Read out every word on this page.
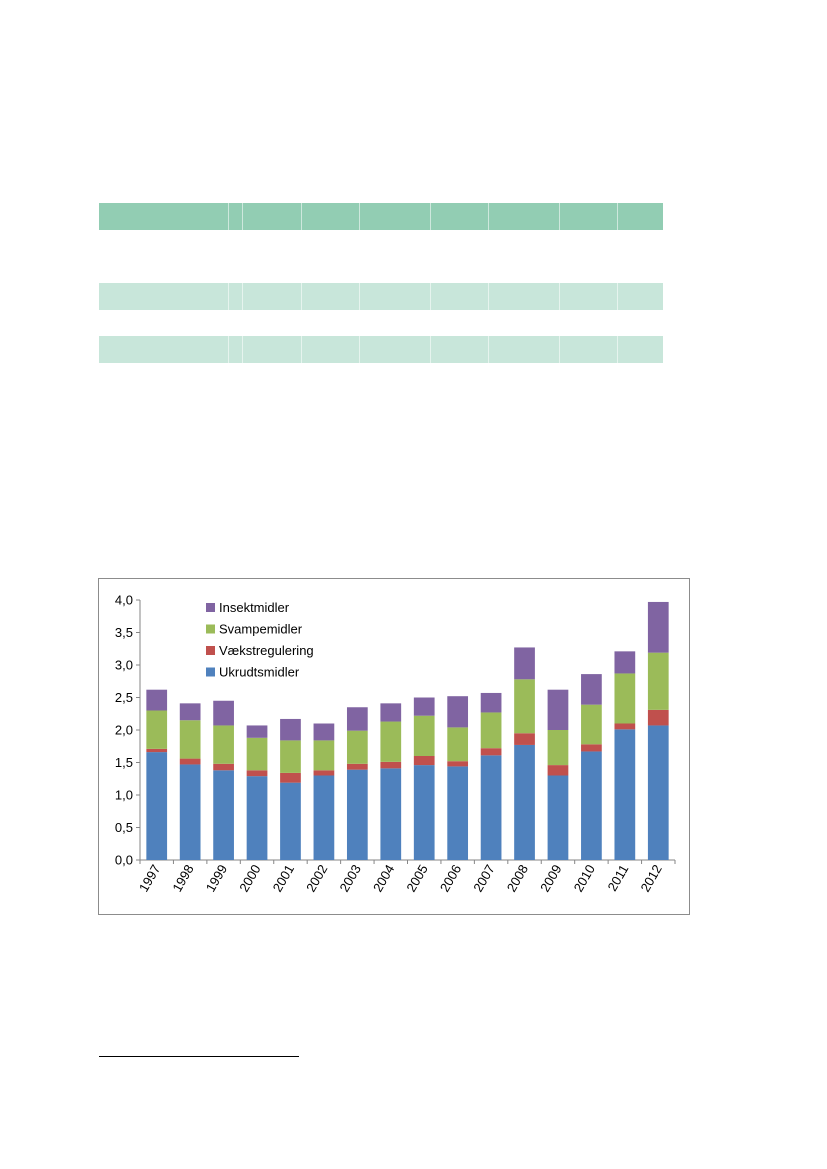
0,0
0,5
1,0
1,5
2,0
2,5
3,0
3,5
4,0
1997 1998 1999 2000 2001 2002 2003 2004 2005 2006 2007 2008 2009 2010 2011 2012
Insektmidler
Svampemidler
Vækstregulering
Ukrudtsmidler
